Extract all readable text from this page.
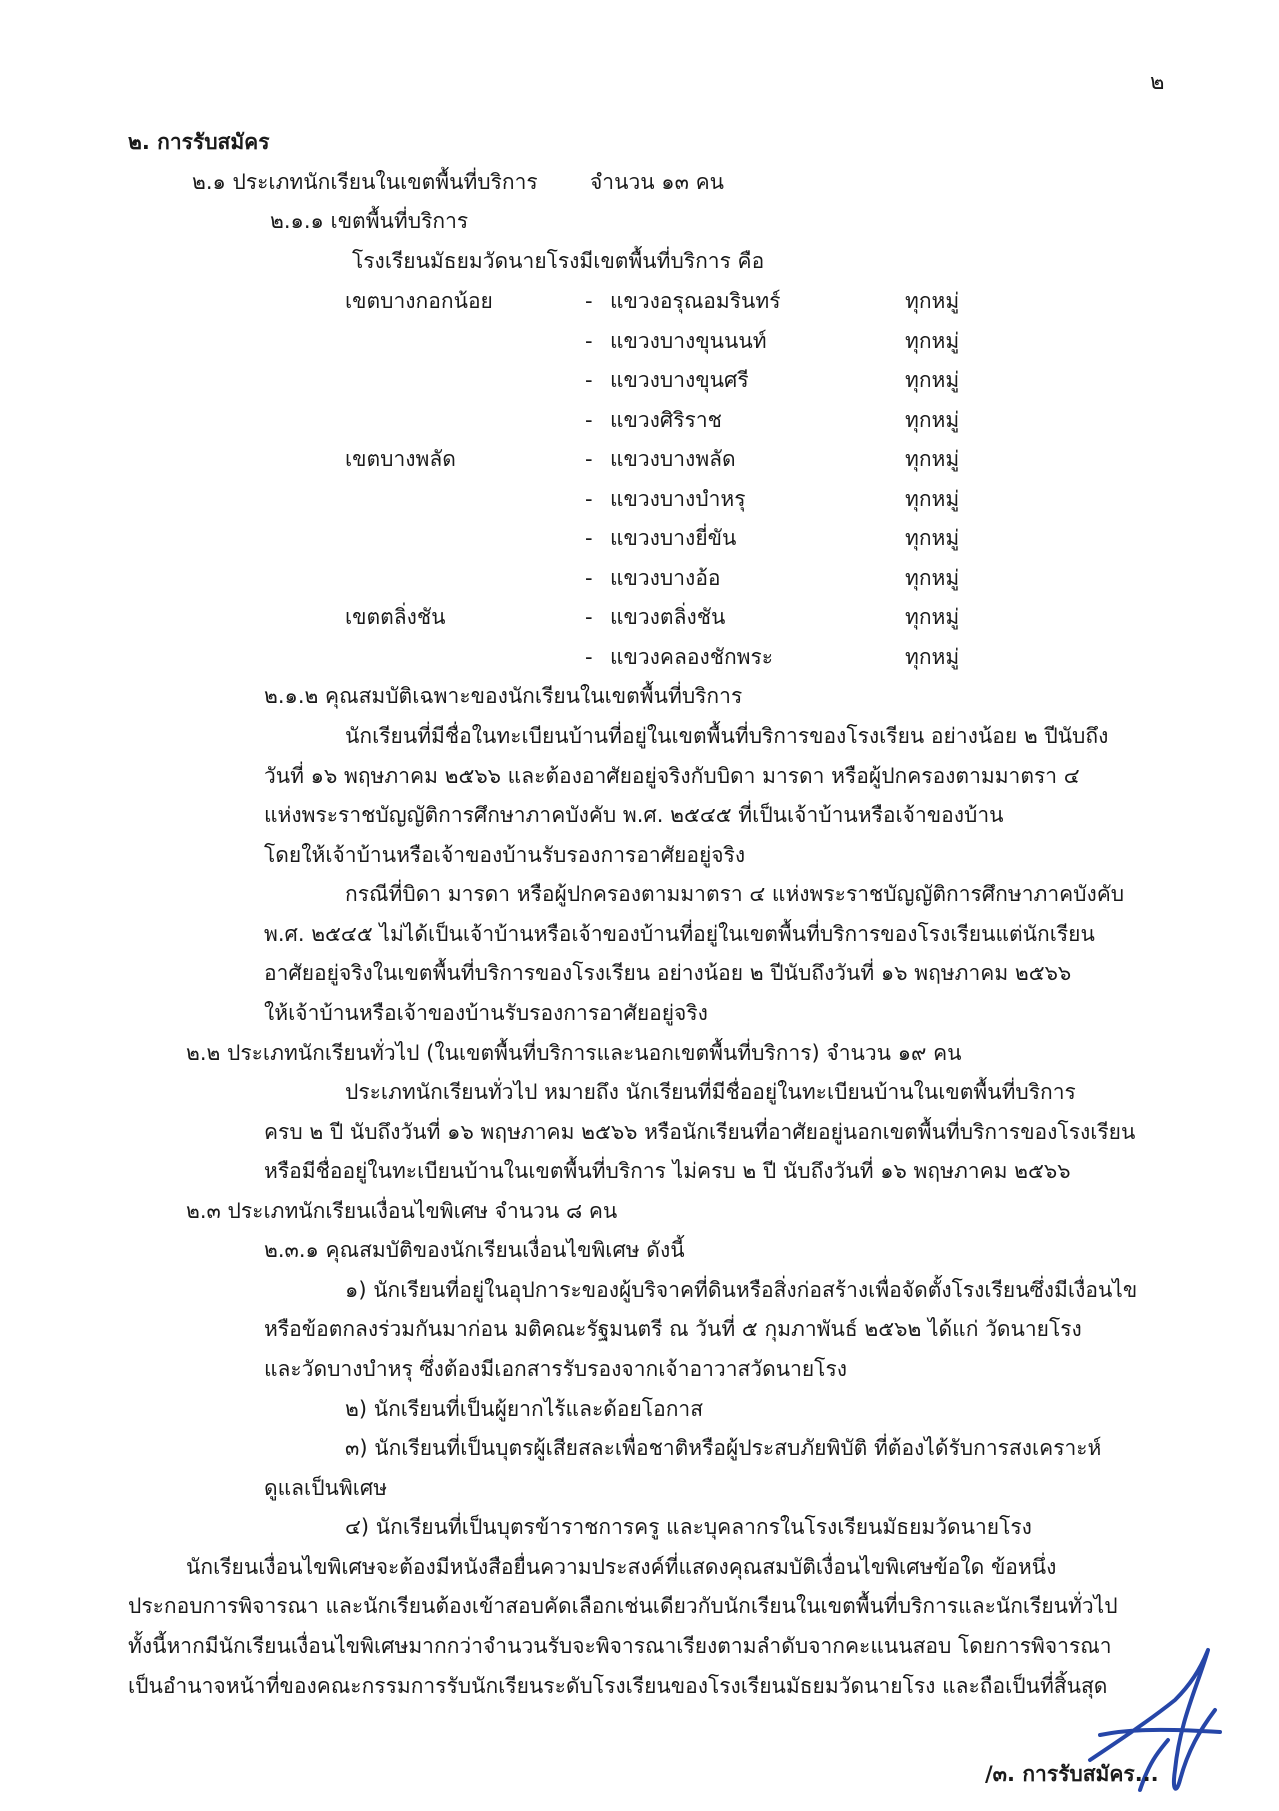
๒
๒. การรับสมัคร
๒.๑ ประเภทนักเรียนในเขตพื้นที่บริการ จำนวน ๑๓ คน
๒.๑.๑ เขตพื้นที่บริการ
โรงเรียนมัธยมวัดนายโรงมีเขตพื้นที่บริการ คือ
เขตบางกอกน้อย	- แขวงอรุณอมรินทร์	ทุกหมู่
- แขวงบางขุนนนท์	ทุกหมู่
- แขวงบางขุนศรี	ทุกหมู่
- แขวงศิริราช	ทุกหมู่
เขตบางพลัด	- แขวงบางพลัด	ทุกหมู่
- แขวงบางบำหรุ	ทุกหมู่
- แขวงบางยี่ขัน	ทุกหมู่
- แขวงบางอ้อ	ทุกหมู่
เขตตลิ่งชัน	- แขวงตลิ่งชัน	ทุกหมู่
- แขวงคลองชักพระ	ทุกหมู่
๒.๑.๒ คุณสมบัติเฉพาะของนักเรียนในเขตพื้นที่บริการ
นักเรียนที่มีชื่อในทะเบียนบ้านที่อยู่ในเขตพื้นที่บริการของโรงเรียน อย่างน้อย ๒ ปีนับถึง
วันที่ ๑๖ พฤษภาคม ๒๕๖๖ และต้องอาศัยอยู่จริงกับบิดา มารดา หรือผู้ปกครองตามมาตรา ๔
แห่งพระราชบัญญัติการศึกษาภาคบังคับ พ.ศ. ๒๕๔๕ ที่เป็นเจ้าบ้านหรือเจ้าของบ้าน
โดยให้เจ้าบ้านหรือเจ้าของบ้านรับรองการอาศัยอยู่จริง
กรณีที่บิดา มารดา หรือผู้ปกครองตามมาตรา ๔ แห่งพระราชบัญญัติการศึกษาภาคบังคับ
พ.ศ. ๒๕๔๕ ไม่ได้เป็นเจ้าบ้านหรือเจ้าของบ้านที่อยู่ในเขตพื้นที่บริการของโรงเรียนแต่นักเรียน
อาศัยอยู่จริงในเขตพื้นที่บริการของโรงเรียน อย่างน้อย ๒ ปีนับถึงวันที่ ๑๖ พฤษภาคม ๒๕๖๖
ให้เจ้าบ้านหรือเจ้าของบ้านรับรองการอาศัยอยู่จริง
๒.๒ ประเภทนักเรียนทั่วไป (ในเขตพื้นที่บริการและนอกเขตพื้นที่บริการ) จำนวน ๑๙ คน
ประเภทนักเรียนทั่วไป หมายถึง นักเรียนที่มีชื่ออยู่ในทะเบียนบ้านในเขตพื้นที่บริการ
ครบ ๒ ปี นับถึงวันที่ ๑๖ พฤษภาคม ๒๕๖๖ หรือนักเรียนที่อาศัยอยู่นอกเขตพื้นที่บริการของโรงเรียน
หรือมีชื่ออยู่ในทะเบียนบ้านในเขตพื้นที่บริการ ไม่ครบ ๒ ปี นับถึงวันที่ ๑๖ พฤษภาคม ๒๕๖๖
๒.๓ ประเภทนักเรียนเงื่อนไขพิเศษ จำนวน ๘ คน
๒.๓.๑ คุณสมบัติของนักเรียนเงื่อนไขพิเศษ ดังนี้
๑) นักเรียนที่อยู่ในอุปการะของผู้บริจาคที่ดินหรือสิ่งก่อสร้างเพื่อจัดตั้งโรงเรียนซึ่งมีเงื่อนไข
หรือข้อตกลงร่วมกันมาก่อน มติคณะรัฐมนตรี ณ วันที่ ๕ กุมภาพันธ์ ๒๕๖๒ ได้แก่ วัดนายโรง
และวัดบางบำหรุ ซึ่งต้องมีเอกสารรับรองจากเจ้าอาวาสวัดนายโรง
๒) นักเรียนที่เป็นผู้ยากไร้และด้อยโอกาส
๓) นักเรียนที่เป็นบุตรผู้เสียสละเพื่อชาติหรือผู้ประสบภัยพิบัติ ที่ต้องได้รับการสงเคราะห์
ดูแลเป็นพิเศษ
๔) นักเรียนที่เป็นบุตรข้าราชการครู และบุคลากรในโรงเรียนมัธยมวัดนายโรง
นักเรียนเงื่อนไขพิเศษจะต้องมีหนังสือยื่นความประสงค์ที่แสดงคุณสมบัติเงื่อนไขพิเศษข้อใด ข้อหนึ่ง
ประกอบการพิจารณา และนักเรียนต้องเข้าสอบคัดเลือกเช่นเดียวกับนักเรียนในเขตพื้นที่บริการและนักเรียนทั่วไป
ทั้งนี้หากมีนักเรียนเงื่อนไขพิเศษมากกว่าจำนวนรับจะพิจารณาเรียงตามลำดับจากคะแนนสอบ โดยการพิจารณา
เป็นอำนาจหน้าที่ของคณะกรรมการรับนักเรียนระดับโรงเรียนของโรงเรียนมัธยมวัดนายโรง และถือเป็นที่สิ้นสุด
/๓. การรับสมัคร...
